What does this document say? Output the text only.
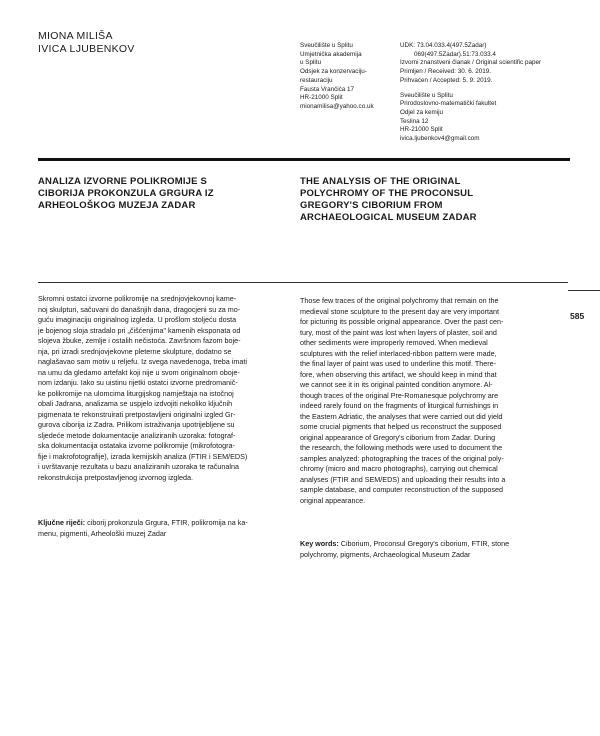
MIONA MILIŠA
IVICA LJUBENKOV	Sveučilište u Splitu
Umjetnička akademija
u Splitu
Odsjek za konzervaciju-
restauraciju
Fausta Vrančića 17
HR-21000 Split
mionamilisa@yahoo.co.uk
UDK: 73.04.033.4(497.5Zadar)
069(497.5Zadar).51:73.033.4
Izvorni znanstveni članak / Original scientific paper
Primljen / Received: 30. 6. 2019.
Prihvaćen / Accepted: 5. 9. 2019.
Sveučilište u Splitu
Prirodoslovno-matematički fakultet
Odjel za kemiju
Teslina 12
HR-21000 Split
ivica.ljubenkov4@gmail.com
ANALIZA IZVORNE POLIKROMIJE S
CIBORIJA PROKONZULA GRGURA IZ
ARHEOLOŠKOG MUZEJA ZADAR
THE ANALYSIS OF THE ORIGINAL
POLYCHROMY OF THE PROCONSUL
GREGORY'S CIBORIUM FROM
ARCHAEOLOGICAL MUSEUM ZADAR
585
Skromni ostatci izvorne polikromije na srednjovjekovnoj kame-
noj skulpturi, sačuvani do današnjih dana, dragocjeni su za mo-
guću imaginaciju originalnog izgleda. U prošlom stoljeću dosta
je bojenog sloja stradalo pri „čišćenjima" kamenih eksponata od
slojeva žbuke, zemlje i ostalih nečistoća. Završnom fazom boje-
nja, pri izradi srednjovjekovne pleterne skulpture, dodatno se
naglašavao sam motiv u reljefu. Iz svega navedenoga, treba imati
na umu da gledamo artefakt koji nije u svom originalnom oboje-
nom izdanju. Iako su uistinu rijetki ostatci izvorne predromanič-
ke polikromije na ulomcima liturgijskog namještaja na istočnoj
obali Jadrana, analizama se uspjelo izdvojiti nekoliko ključnih
pigmenata te rekonstruirati pretpostavljeni originalni izgled Gr-
gurova ciborija iz Zadra. Prilikom istraživanja upotrijebljene su
sljedeće metode dokumentacije analiziranih uzoraka: fotograf-
ska dokumentacija ostataka izvorne polikromije (mikrofotogra-
fije i makrofotografije), izrada kemijskih analiza (FTIR i SEM/EDS)
i uvrštavanje rezultata u bazu analiziranih uzoraka te računalna
rekonstrukcija pretpostavljenog izvornog izgleda.
Ključne riječi: ciborij prokonzula Grgura, FTIR, polikromija na ka-
menu, pigmenti, Arheološki muzej Zadar
Those few traces of the original polychromy that remain on the
medieval stone sculpture to the present day are very important
for picturing its possible original appearance. Over the past cen-
tury, most of the paint was lost when layers of plaster, soil and
other sediments were improperly removed. When medieval
sculptures with the relief interlaced-ribbon pattern were made,
the final layer of paint was used to underline this motif. There-
fore, when observing this artifact, we should keep in mind that
we cannot see it in its original painted condition anymore. Al-
though traces of the original Pre-Romanesque polychromy are
indeed rarely found on the fragments of liturgical furnishings in
the Eastern Adriatic, the analyses that were carried out did yield
some crucial pigments that helped us reconstruct the supposed
original appearance of Gregory's ciborium from Zadar. During
the research, the following methods were used to document the
samples analyzed: photographing the traces of the original poly-
chromy (micro and macro photographs), carrying out chemical
analyses (FTIR and SEM/EDS) and uploading their results into a
sample database, and computer reconstruction of the supposed
original appearance.
Key words: Ciborium, Proconsul Gregory's ciborium, FTIR, stone
polychromy, pigments, Archaeological Museum Zadar
